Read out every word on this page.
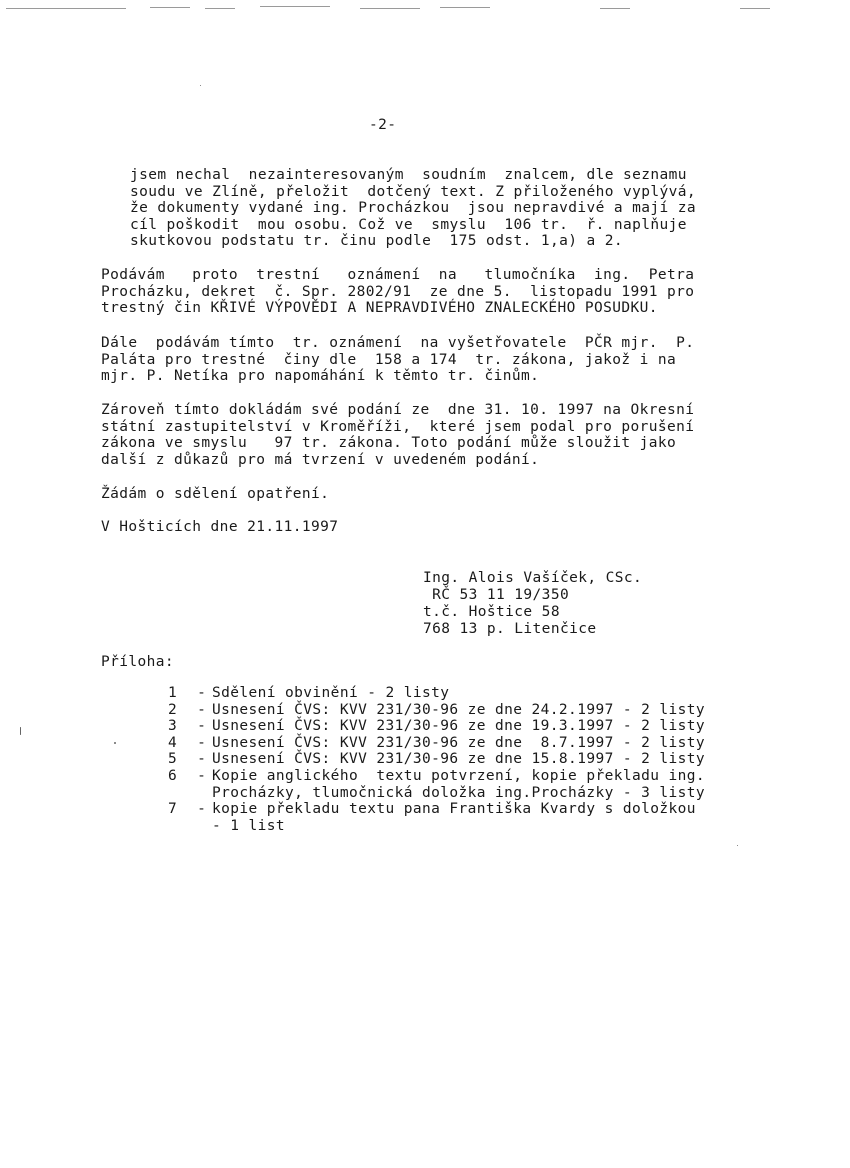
-2-
jsem nechal  nezainteresovaným  soudním  znalcem, dle seznamu
soudu ve Zlíně, přeložit  dotčený text. Z přiloženého vyplývá,
že dokumenty vydané ing. Procházkou  jsou nepravdivé a mají za
cíl poškodit  mou osobu. Což ve  smyslu  106 tr.  ř. naplňuje
skutkovou podstatu tr. činu podle  175 odst. 1,a) a 2.
Podávám   proto  trestní   oznámení  na   tlumočníka  ing.  Petra
Procházku, dekret  č. Spr. 2802/91  ze dne 5.  listopadu 1991 pro
trestný čin KŘIVÉ VÝPOVĚDI A NEPRAVDIVÉHO ZNALECKÉHO POSUDKU.
Dále  podávám tímto  tr. oznámení  na vyšetřovatele  PČR mjr.  P.
Paláta pro trestné  činy dle  158 a 174  tr. zákona, jakož i na
mjr. P. Netíka pro napomáhání k těmto tr. činům.
Zároveň tímto dokládám své podání ze  dne 31. 10. 1997 na Okresní
státní zastupitelství v Kroměříži,  které jsem podal pro porušení
zákona ve smyslu   97 tr. zákona. Toto podání může sloužit jako
další z důkazů pro má tvrzení v uvedeném podání.
Žádám o sdělení opatření.
V Hošticích dne 21.11.1997
Ing. Alois Vašíček, CSc.
RČ 53 11 19/350
t.č. Hoštice 58
768 13 p. Litenčice
Příloha:
1 - Sdělení obvinění - 2 listy
2 - Usnesení ČVS: KVV 231/30-96 ze dne 24.2.1997 - 2 listy
3 - Usnesení ČVS: KVV 231/30-96 ze dne 19.3.1997 - 2 listy
4 - Usnesení ČVS: KVV 231/30-96 ze dne  8.7.1997 - 2 listy
5 - Usnesení ČVS: KVV 231/30-96 ze dne 15.8.1997 - 2 listy
6 - Kopie anglického  textu potvrzení, kopie překladu ing.
Procházky, tlumočnická doložka ing.Procházky - 3 listy
7 - kopie překladu textu pana Františka Kvardy s doložkou
- 1 list
